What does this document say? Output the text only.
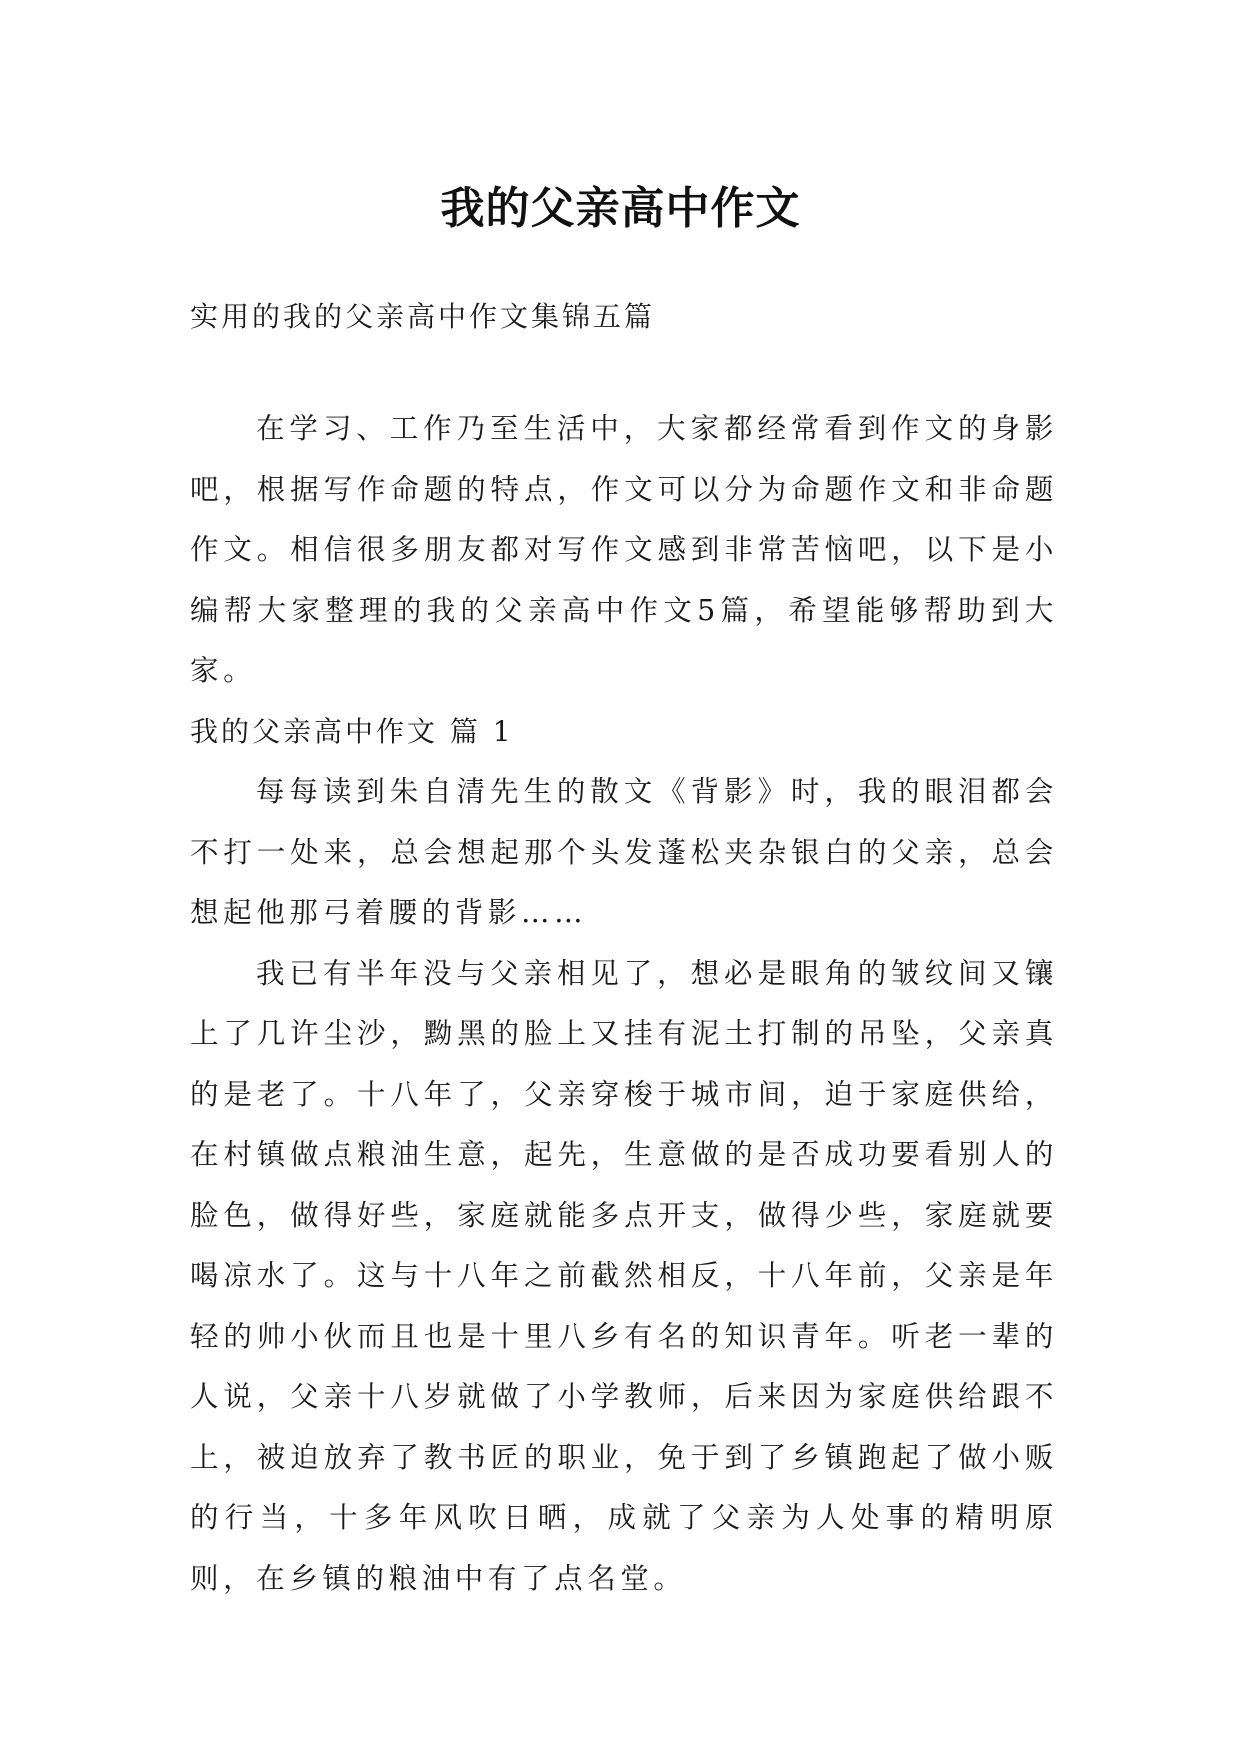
我的父亲高中作文

实用的我的父亲高中作文集锦五篇

在学习、工作乃至生活中，大家都经常看到作文的身影吧，根据写作命题的特点，作文可以分为命题作文和非命题作文。相信很多朋友都对写作文感到非常苦恼吧，以下是小编帮大家整理的我的父亲高中作文5篇，希望能够帮助到大家。

我的父亲高中作文 篇 1

每每读到朱自清先生的散文《背影》时，我的眼泪都会不打一处来，总会想起那个头发蓬松夹杂银白的父亲，总会想起他那弓着腰的背影……

我已有半年没与父亲相见了，想必是眼角的皱纹间又镶上了几许尘沙，黝黑的脸上又挂有泥土打制的吊坠，父亲真的是老了。十八年了，父亲穿梭于城市间，迫于家庭供给，在村镇做点粮油生意，起先，生意做的是否成功要看别人的脸色，做得好些，家庭就能多点开支，做得少些，家庭就要喝凉水了。这与十八年之前截然相反，十八年前，父亲是年轻的帅小伙而且也是十里八乡有名的知识青年。听老一辈的人说，父亲十八岁就做了小学教师，后来因为家庭供给跟不上，被迫放弃了教书匠的职业，免于到了乡镇跑起了做小贩的行当，十多年风吹日晒，成就了父亲为人处事的精明原则，在乡镇的粮油中有了点名堂。
